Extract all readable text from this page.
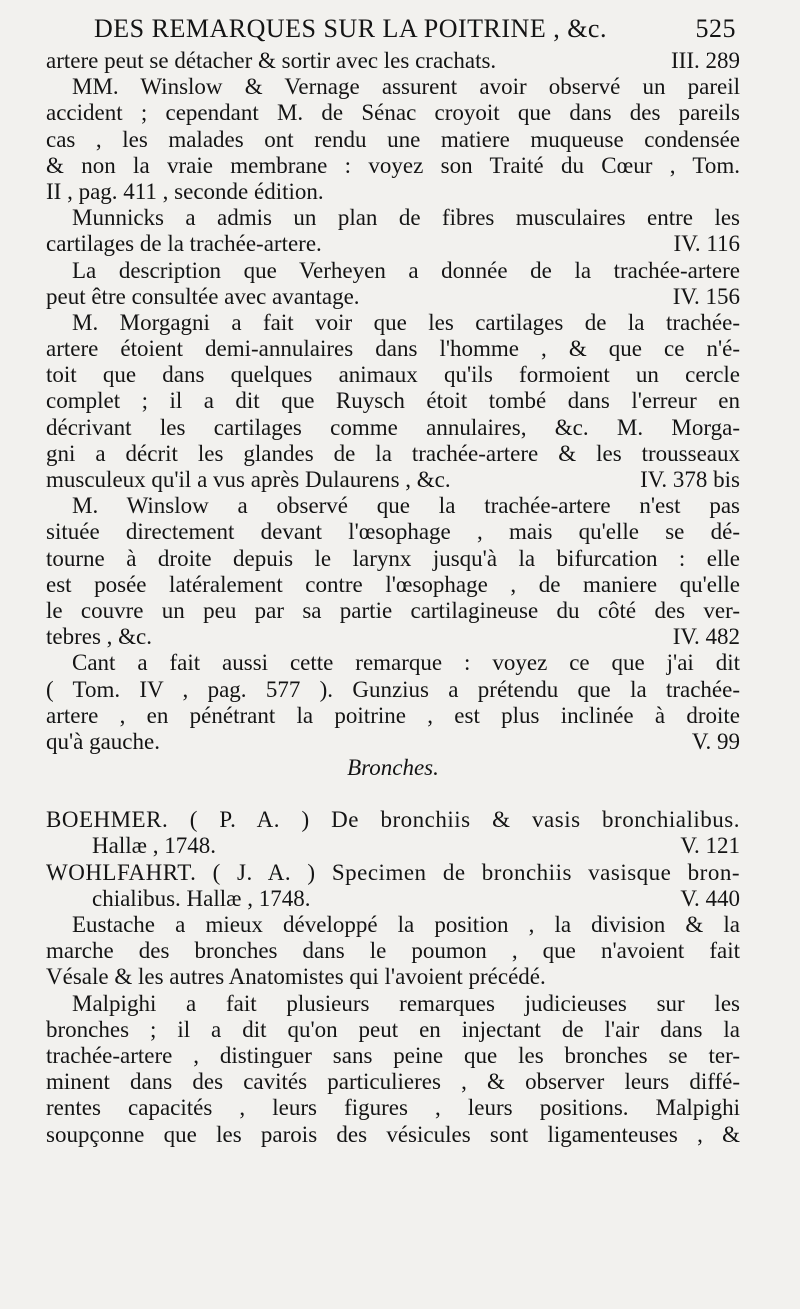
DES REMARQUES SUR LA POITRINE , &c.	525
artere peut se détacher & sortir avec les crachats.	III. 289
MM. Winslow & Vernage assurent avoir observé un pareil
accident ; cependant M. de Sénac croyoit que dans des pareils
cas , les malades ont rendu une matiere muqueuse condensée
& non la vraie membrane : voyez son Traité du Cœur , Tom.
II , pag. 411 , seconde édition.
Munnicks a admis un plan de fibres musculaires entre les
cartilages de la trachée-artere.	IV. 116
La description que Verheyen a donnée de la trachée-artere
peut être consultée avec avantage.	IV. 156
M. Morgagni a fait voir que les cartilages de la trachée-
artere étoient demi-annulaires dans l'homme , & que ce n'é-
toit que dans quelques animaux qu'ils formoient un cercle
complet ; il a dit que Ruysch étoit tombé dans l'erreur en
décrivant les cartilages comme annulaires, &c. M. Morga-
gni a décrit les glandes de la trachée-artere & les trousseaux
musculeux qu'il a vus après Dulaurens , &c.	IV. 378 bis
M. Winslow a observé que la trachée-artere n'est pas
située directement devant l'œsophage , mais qu'elle se dé-
tourne à droite depuis le larynx jusqu'à la bifurcation : elle
est posée latéralement contre l'œsophage , de maniere qu'elle
le couvre un peu par sa partie cartilagineuse du côté des ver-
tebres , &c.	IV. 482
Cant a fait aussi cette remarque : voyez ce que j'ai dit
( Tom. IV , pag. 577 ). Gunzius a prétendu que la trachée-
artere , en pénétrant la poitrine , est plus inclinée à droite
qu'à gauche.	V. 99
Bronches.
BOEHMER. ( P. A. ) De bronchiis & vasis bronchialibus.
Hallæ , 1748.	V. 121
WOHLFAHRT. ( J. A. ) Specimen de bronchiis vasisque bron-
chialibus. Hallæ , 1748.	V. 440
Eustache a mieux développé la position , la division & la
marche des bronches dans le poumon , que n'avoient fait
Vésale & les autres Anatomistes qui l'avoient précédé.
Malpighi a fait plusieurs remarques judicieuses sur les
bronches ; il a dit qu'on peut en injectant de l'air dans la
trachée-artere , distinguer sans peine que les bronches se ter-
minent dans des cavités particulieres , & observer leurs diffé-
rentes capacités , leurs figures , leurs positions. Malpighi
soupçonne que les parois des vésicules sont ligamenteuses , &
